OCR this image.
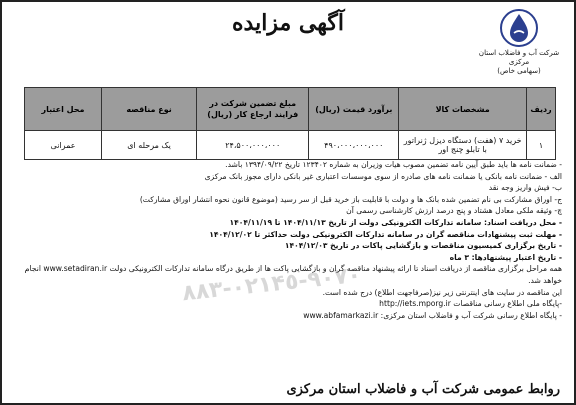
٠٢١-٨٨٣۴٩٠٧٠-٥
شرکت آب و فاضلاب استان مرکزی
(سهامی خاص)
آگهی مزایده
ردیف	مشخصات کالا	برآورد قیمت (ریال)	مبلغ تضمین شرکت در فرایند ارجاع کار (ریال)	نوع مناقصه	محل اعتبار
۱	خرید ۷ (هفت) دستگاه دیزل ژنراتور با تابلو چنج اور	۴۹۰،۰۰۰،۰۰۰،۰۰۰	۲۴،۵۰۰،۰۰۰،۰۰۰	یک مرحله ای	عمرانی

- ضمانت نامه ها باید طبق آیین نامه تضمین مصوب هیات وزیران به شماره ۱۲۳۴۰۲ تاریخ ۱۳۹۴/۰۹/۲۲ باشد.

الف - ضمانت نامه بانکی یا ضمانت نامه های صادره از سوی موسسات اعتباری غیر بانکی دارای مجوز بانک مرکزی

ب- فیش واریز وجه نقد

ج- اوراق مشارکت بی نام تضمین شده بانک ها و دولت با قابلیت باز خرید قبل از سر رسید (موضوع قانون نحوه انتشار اوراق مشارکت)

چ- وثیقه ملکی معادل هشتاد و پنج درصد ارزش کارشناسی رسمی آن

- محل دریافت اسناد: سامانه تدارکات الکترونیکی دولت از تاریخ ۱۴۰۴/۱۱/۱۳ تا ۱۴۰۴/۱۱/۱۹

- مهلت ثبت پیشنهادات مناقصه گران در سامانه تدارکات الکترونیکی دولت حداکثر تا ۱۴۰۴/۱۲/۰۲

- تاریخ برگزاری کمیسیون مناقصات و بازگشایی پاکات در تاریخ ۱۴۰۴/۱۲/۰۳

- تاریخ اعتبار پیشنهادها: ۳ ماه

همه مراحل برگزاری مناقصه از دریافت اسناد تا ارائه پیشنهاد مناقصه گران و بازگشایی پاکت ها از طریق درگاه سامانه تدارکات الکترونیکی دولت www.setadiran.ir انجام

خواهد شد.

این مناقصه در سایت های اینترنتی زیر نیز(صرفاجهت اطلاع) درج شده است.

-پایگاه ملی اطلاع رسانی مناقصات http://iets.mporg.ir

- پایگاه اطلاع رسانی شرکت آب و فاضلاب استان مرکزی: www.abfamarkazi.ir

روابط عمومی شرکت آب و فاضلاب استان مرکزی
